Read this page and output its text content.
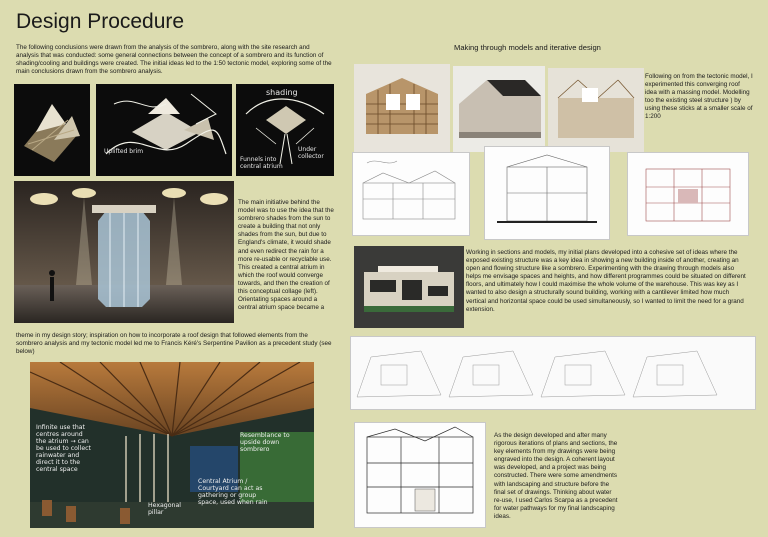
Design Procedure
The following conclusions were drawn from the analysis of the sombrero, along with the site research and analysis that was conducted: some general connections between the concept of a sombrero and its function of shading/cooling and buildings were created. The initial ideas led to the 1:50 tectonic model, exploring some of the main conclusions drawn from the sombrero analysis.
Uplifted brim
shading
Under collector
Funnels into central atrium
The main initiative behind the model was to use the idea that the sombrero shades from the sun to create a building that not only shades from the sun, but due to England's climate, it would shade and even redirect the rain for a more re-usable or recyclable use. This created a central atrium in which the roof would converge towards, and then the creation of this conceptual collage (left). Orientating spaces around a central atrium space became a
theme in my design story; inspiration on how to incorporate a roof design that followed elements from the sombrero analysis and my tectonic model led me to Francis Kéré's Serpentine Pavilion as a precedent study (see below)
Infinite use that centres around the atrium → can be used to collect rainwater and direct it to the central space
Resemblance to upside down sombrero
Central Atrium / Courtyard can act as gathering or group space, used when rain
Hexagonal pillar
Making through models and iterative design
Following on from the tectonic model, I experimented this converging roof idea with a massing model. Modelling too the existing steel structure ) by using these sticks at a smaller scale of 1:200
Working in sections and models, my initial plans developed into a cohesive set of ideas where the exposed existing structure was a key idea in showing a new building inside of another, creating an open and flowing structure like a sombrero. Experimenting with the drawing through models also helps me envisage spaces and heights, and how different programmes could be situated on different floors, and ultimately how I could maximise the whole volume of the warehouse. This was key as I wanted to also design a structurally sound building, working with a cantilever limited how much vertical and horizontal space could be used simultaneously, so I wanted to limit the need for a grand extension.
As the design developed and after many rigorous iterations of plans and sections, the key elements from my drawings were being engraved into the design. A coherent layout was developed, and a project was being constructed. There were some amendments with landscaping and structure before the final set of drawings. Thinking about water re-use, I used Carlos Scarpa as a precedent for water pathways for my final landscaping ideas.
